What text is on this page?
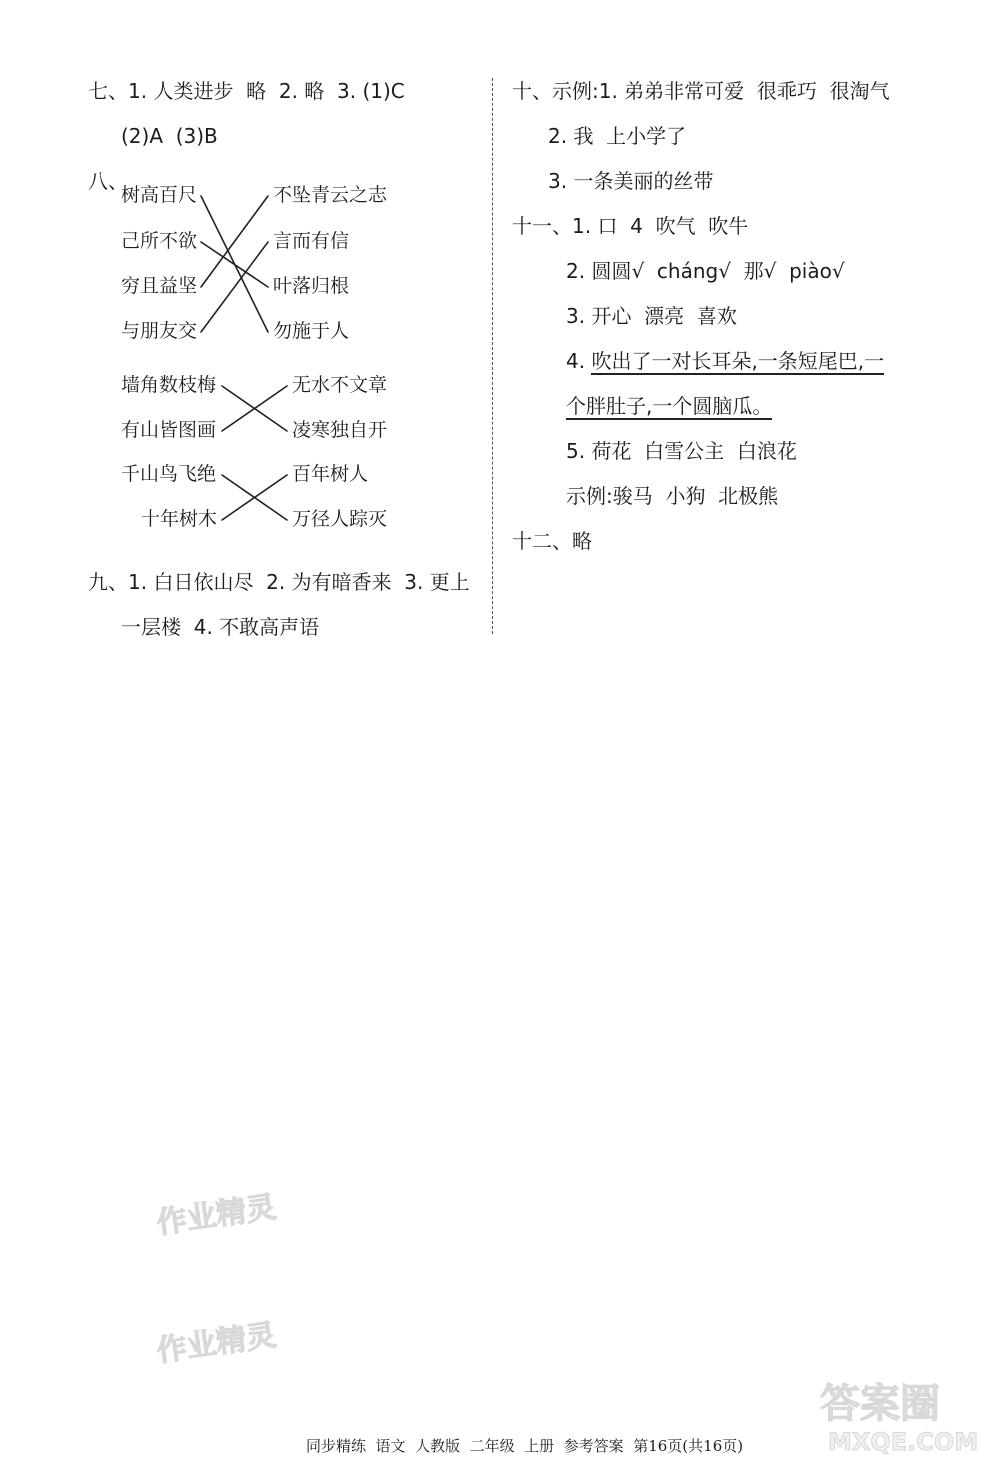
七、1. 人类进步  略  2. 略  3. (1)C
(2)A  (3)B
八、
树高百尺
己所不欲
穷且益坚
与朋友交
不坠青云之志
言而有信
叶落归根
勿施于人
墙角数枝梅
有山皆图画
无水不文章
凌寒独自开
千山鸟飞绝
十年树木
百年树人
万径人踪灭
九、1. 白日依山尽  2. 为有暗香来  3. 更上
一层楼  4. 不敢高声语
十、示例:1. 弟弟非常可爱  很乖巧  很淘气
2. 我  上小学了
3. 一条美丽的丝带
十一、1. 口  4  吹气  吹牛
2. 圆圆√  cháng√  那√  piào√
3. 开心  漂亮  喜欢
4. 吹出了一对长耳朵,一条短尾巴,一
个胖肚子,一个圆脑瓜。
5. 荷花  白雪公主  白浪花
示例:骏马  小狗  北极熊
十二、略
作业精灵
作业精灵
答案圈
MXQE.COM
同步精练  语文  人教版  二年级  上册  参考答案  第16页(共16页)
